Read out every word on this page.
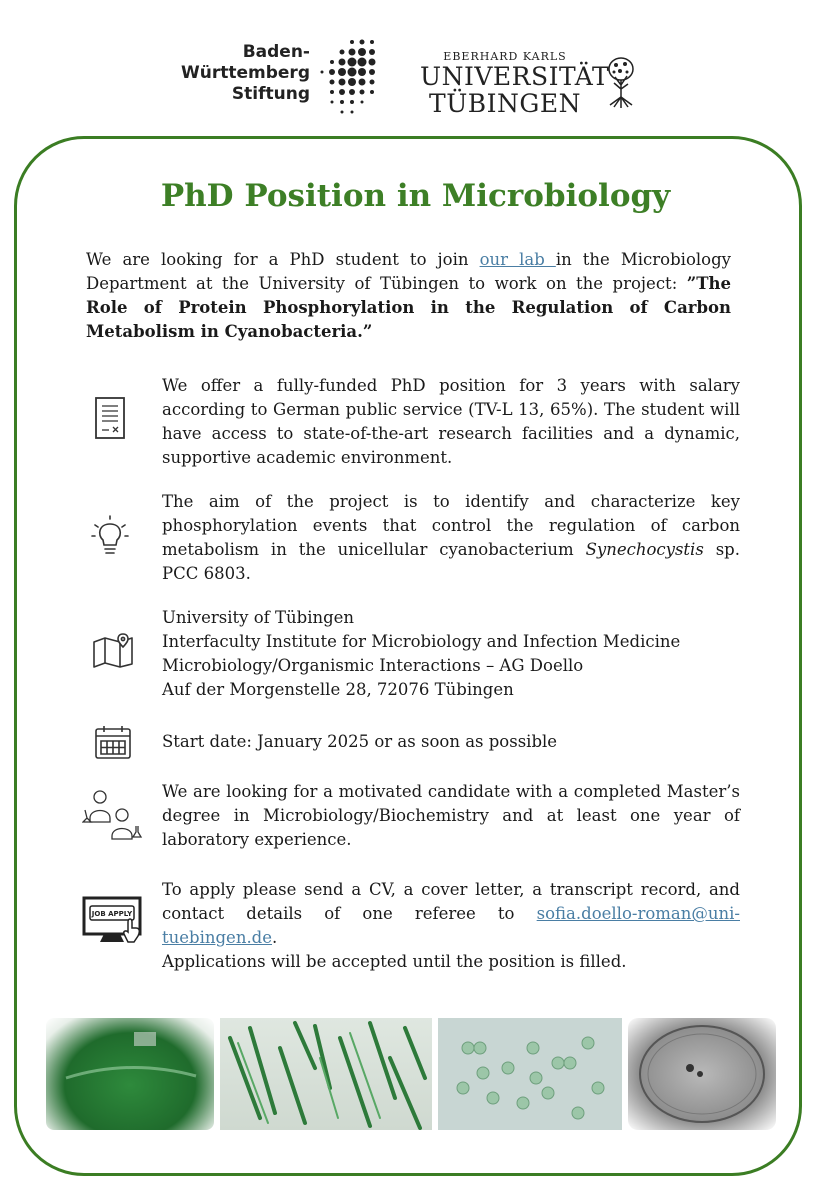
Baden-
Württemberg
Stiftung
EBERHARD KARLS
UNIVERSITÄT
TÜBINGEN
PhD Position in Microbiology
We are looking for a PhD student to join our lab in the Microbiology Department at the University of Tübingen to work on the project: ”The Role of Protein Phosphorylation in the Regulation of Carbon Metabolism in Cyanobacteria.”
We offer a fully-funded PhD position for 3 years with salary according to German public service (TV-L 13, 65%). The student will have access to state-of-the-art research facilities and a dynamic, supportive academic environment.
The aim of the project is to identify and characterize key phosphorylation events that control the regulation of carbon metabolism in the unicellular cyanobacterium Synechocystis sp. PCC 6803.
University of Tübingen
Interfaculty Institute for Microbiology and Infection Medicine
Microbiology/Organismic Interactions – AG Doello
Auf der Morgenstelle 28, 72076 Tübingen
Start date: January 2025 or as soon as possible
We are looking for a motivated candidate with a completed Master’s degree in Microbiology/Biochemistry and at least one year of laboratory experience.
JOB APPLY
To apply please send a CV, a cover letter, a transcript record, and contact details of one referee to sofia.doello-roman@uni-tuebingen.de.
Applications will be accepted until the position is filled.
